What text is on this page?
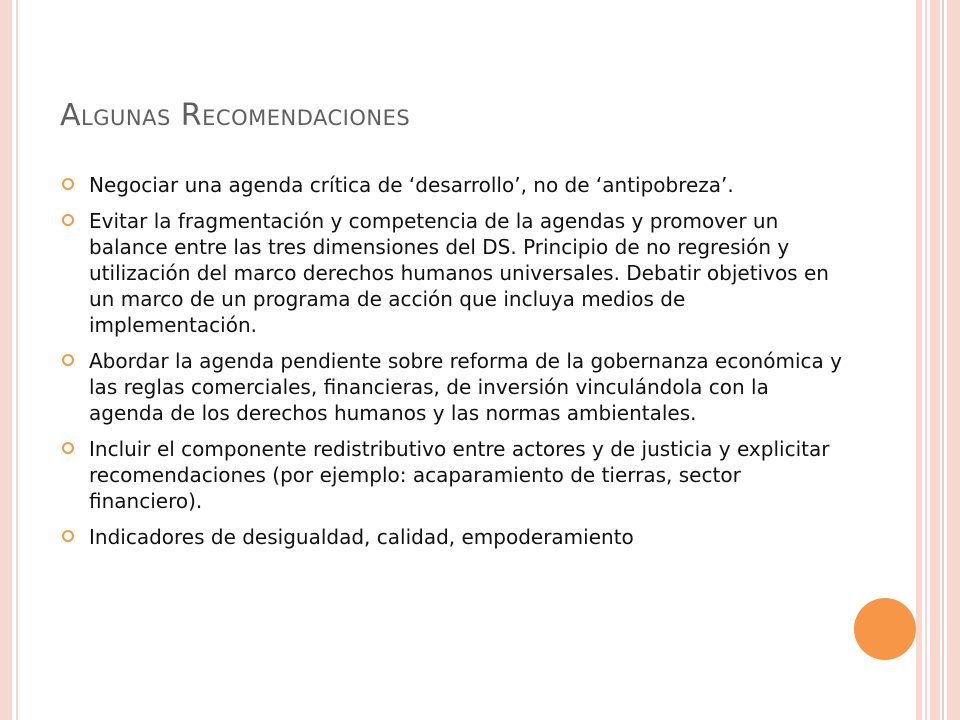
Algunas Recomendaciones
Negociar una agenda crítica de ‘desarrollo’, no de ‘antipobreza’.
Evitar la fragmentación y competencia de la agendas y promover un balance entre las tres dimensiones del DS. Principio de no regresión y utilización del marco derechos humanos universales. Debatir objetivos en un marco de un programa de acción que incluya medios de implementación.
Abordar la agenda pendiente sobre reforma de la gobernanza económica y las reglas comerciales, financieras, de inversión vinculándola con la agenda de los derechos humanos y las normas ambientales.
Incluir el componente redistributivo entre actores y de justicia y explicitar recomendaciones (por ejemplo: acaparamiento de tierras, sector financiero).
Indicadores de desigualdad, calidad, empoderamiento
